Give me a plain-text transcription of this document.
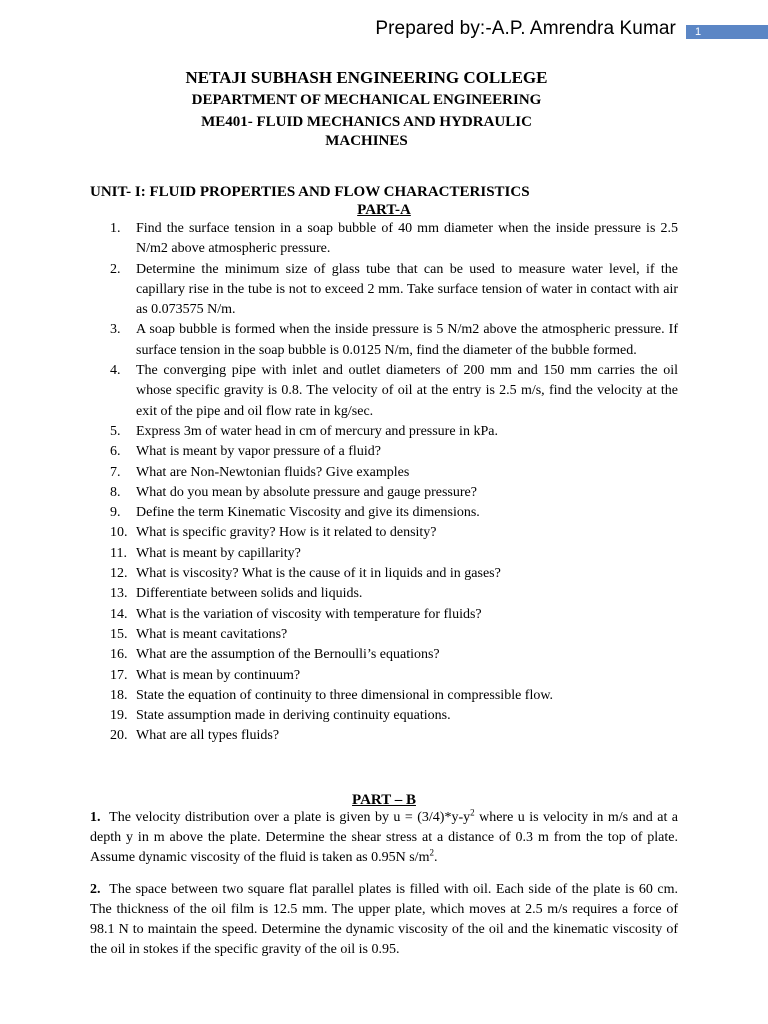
Prepared by:-A.P. Amrendra Kumar	1
NETAJI SUBHASH ENGINEERING COLLEGE
DEPARTMENT OF MECHANICAL ENGINEERING
ME401- FLUID MECHANICS AND HYDRAULIC
MACHINES
UNIT- I: FLUID PROPERTIES AND FLOW CHARACTERISTICS
PART-A
1.	Find the surface tension in a soap bubble of 40 mm diameter when the inside pressure is 2.5 N/m2 above atmospheric pressure.
2.	Determine the minimum size of glass tube that can be used to measure water level, if the capillary rise in the tube is not to exceed 2 mm. Take surface tension of water in contact with air as 0.073575 N/m.
3.	A soap bubble is formed when the inside pressure is 5 N/m2 above the atmospheric pressure. If surface tension in the soap bubble is 0.0125 N/m, find the diameter of the bubble formed.
4.	The converging pipe with inlet and outlet diameters of 200 mm and 150 mm carries the oil whose specific gravity is 0.8. The velocity of oil at the entry is 2.5 m/s, find the velocity at the exit of the pipe and oil flow rate in kg/sec.
5.	Express 3m of water head in cm of mercury and pressure in kPa.
6.	What is meant by vapor pressure of a fluid?
7.	What are Non-Newtonian fluids? Give examples
8.	What do you mean by absolute pressure and gauge pressure?
9.	Define the term Kinematic Viscosity and give its dimensions.
10. What is specific gravity? How is it related to density?
11. What is meant by capillarity?
12. What is viscosity? What is the cause of it in liquids and in gases?
13. Differentiate between solids and liquids.
14. What is the variation of viscosity with temperature for fluids?
15. What is meant cavitations?
16. What are the assumption of the Bernoulli’s equations?
17. What is mean by continuum?
18. State the equation of continuity to three dimensional in compressible flow.
19. State assumption made in deriving continuity equations.
20. What are all types fluids?
PART – B
1. The velocity distribution over a plate is given by $u = (3/4)*y-y^2$ where u is velocity in m/s and at a depth y in m above the plate. Determine the shear stress at a distance of 0.3 m from the top of plate. Assume dynamic viscosity of the fluid is taken as 0.95N $s/m^2$.
2. The space between two square flat parallel plates is filled with oil. Each side of the plate is 60 cm. The thickness of the oil film is 12.5 mm. The upper plate, which moves at 2.5 m/s requires a force of 98.1 N to maintain the speed. Determine the dynamic viscosity of the oil and the kinematic viscosity of the oil in stokes if the specific gravity of the oil is 0.95.
